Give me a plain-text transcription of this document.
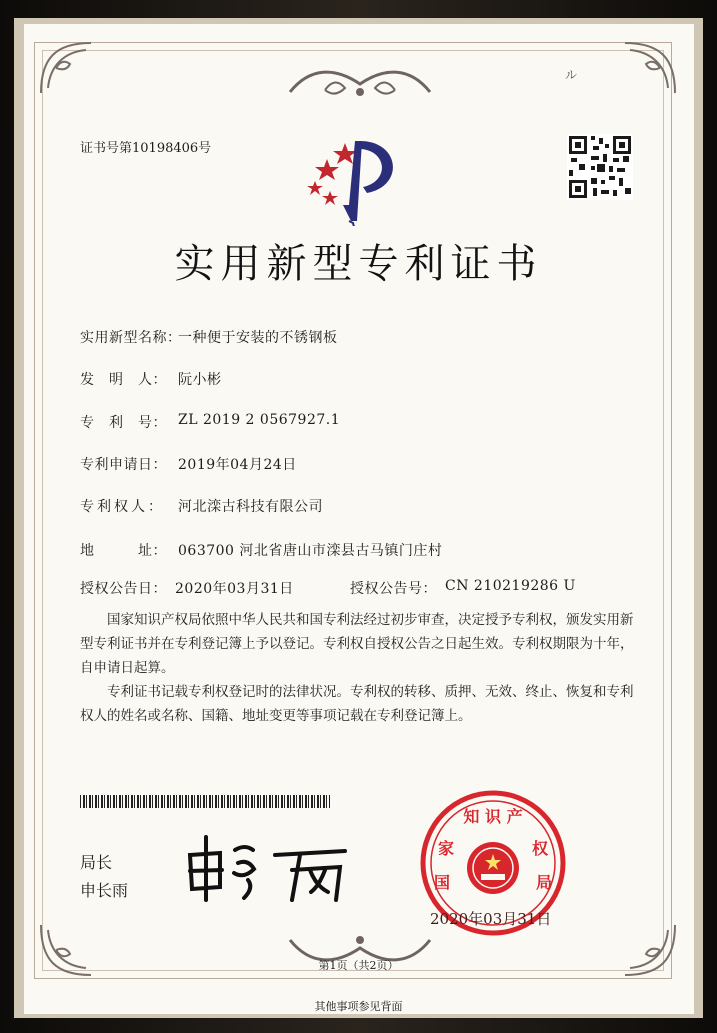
证书号第10198406号
ル
实用新型专利证书
实用新型名称：
一种便于安装的不锈钢板
发　明　人： 阮小彬
专　利　号： ZL 2019 2 0567927.1
专利申请日： 2019年04月24日
专利权人： 河北滦古科技有限公司
地　　　址： 063700 河北省唐山市滦县古马镇门庄村
授权公告日： 2020年03月31日	授权公告号： CN 210219286 U
国家知识产权局依照中华人民共和国专利法经过初步审查，决定授予专利权，颁发实用新型专利证书并在专利登记簿上予以登记。专利权自授权公告之日起生效。专利权期限为十年，自申请日起算。
专利证书记载专利权登记时的法律状况。专利权的转移、质押、无效、终止、恢复和专利权人的姓名或名称、国籍、地址变更等事项记载在专利登记簿上。
局长
申长雨
知 识 产
家
国
权
局
2020年03月31日
第1页（共2页）
其他事项参见背面
